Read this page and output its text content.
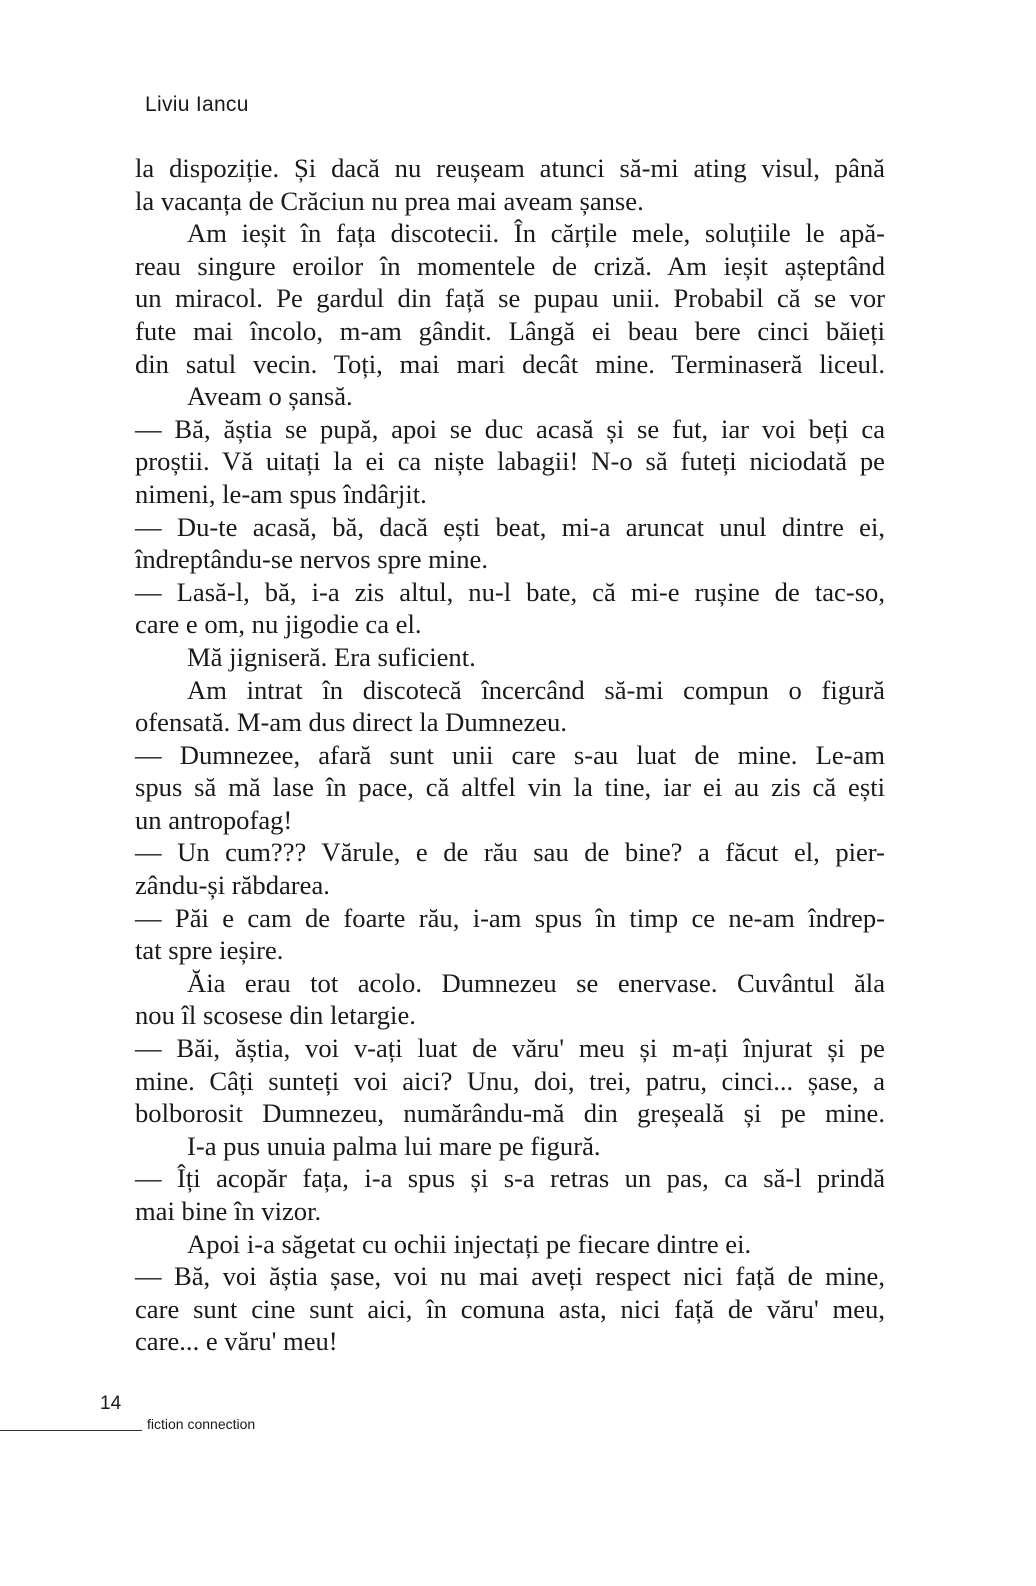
Liviu Iancu
la dispoziție. Și dacă nu reușeam atunci să-mi ating visul, până
la vacanța de Crăciun nu prea mai aveam șanse.
Am ieșit în fața discotecii. În cărțile mele, soluțiile le apă-
reau singure eroilor în momentele de criză. Am ieșit așteptând
un miracol. Pe gardul din față se pupau unii. Probabil că se vor
fute mai încolo, m-am gândit. Lângă ei beau bere cinci băieți
din satul vecin. Toți, mai mari decât mine. Terminaseră liceul.
Aveam o șansă.
— Bă, ăștia se pupă, apoi se duc acasă și se fut, iar voi beți ca
proștii. Vă uitați la ei ca niște labagii! N-o să futeți niciodată pe
nimeni, le-am spus îndârjit.
— Du-te acasă, bă, dacă ești beat, mi-a aruncat unul dintre ei,
îndreptându-se nervos spre mine.
— Lasă-l, bă, i-a zis altul, nu-l bate, că mi-e rușine de tac-so,
care e om, nu jigodie ca el.
Mă jigniseră. Era suficient.
Am intrat în discotecă încercând să-mi compun o figură
ofensată. M-am dus direct la Dumnezeu.
— Dumnezee, afară sunt unii care s-au luat de mine. Le-am
spus să mă lase în pace, că altfel vin la tine, iar ei au zis că ești
un antropofag!
— Un cum??? Vărule, e de rău sau de bine? a făcut el, pier-
zându-și răbdarea.
— Păi e cam de foarte rău, i-am spus în timp ce ne-am îndrep-
tat spre ieșire.
Ăia erau tot acolo. Dumnezeu se enervase. Cuvântul ăla
nou îl scosese din letargie.
— Băi, ăștia, voi v-ați luat de văru' meu și m-ați înjurat și pe
mine. Câți sunteți voi aici? Unu, doi, trei, patru, cinci... șase, a
bolborosit Dumnezeu, numărându-mă din greșeală și pe mine.
I-a pus unuia palma lui mare pe figură.
— Îți acopăr fața, i-a spus și s-a retras un pas, ca să-l prindă
mai bine în vizor.
Apoi i-a săgetat cu ochii injectați pe fiecare dintre ei.
— Bă, voi ăștia șase, voi nu mai aveți respect nici față de mine,
care sunt cine sunt aici, în comuna asta, nici față de văru' meu,
care... e văru' meu!
14
fiction connection
